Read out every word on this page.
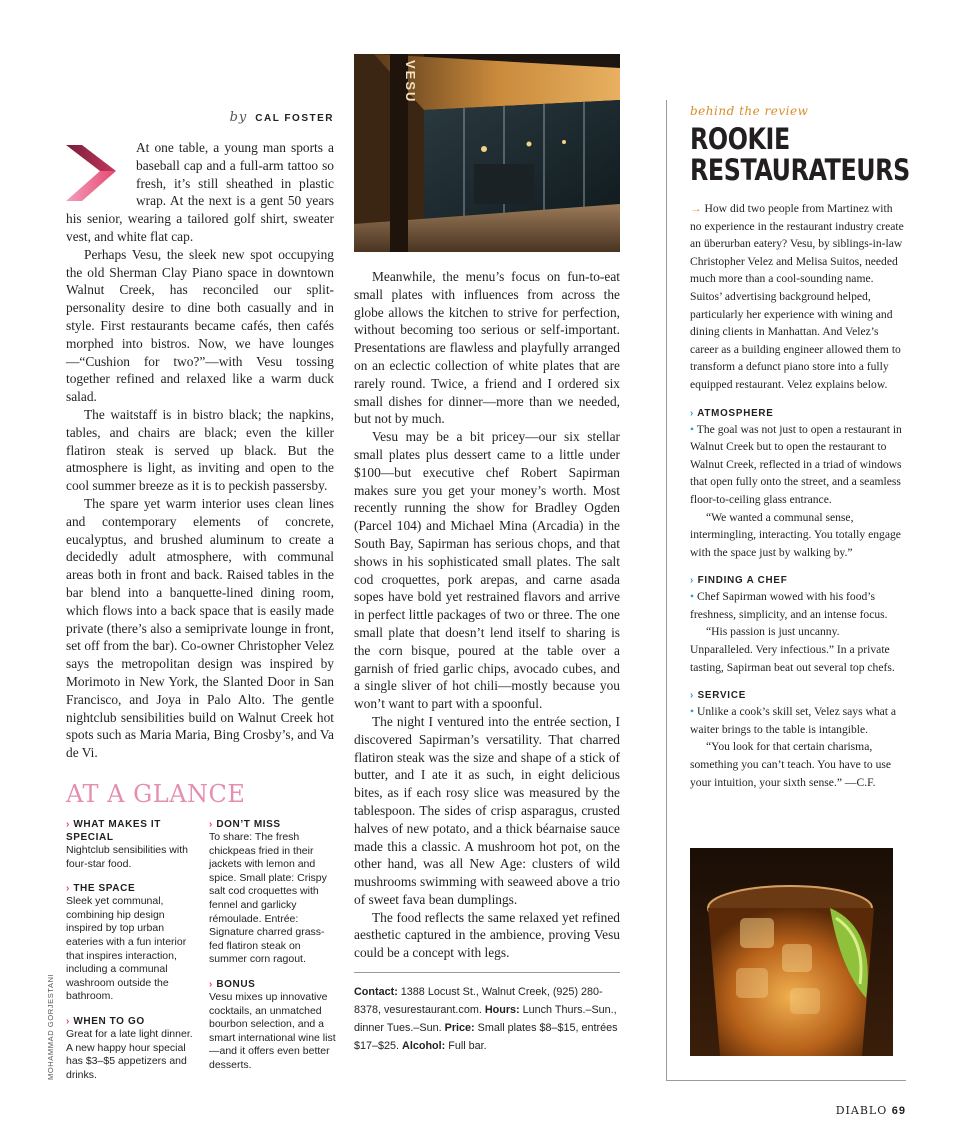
by CAL FOSTER

At one table, a young man sports a baseball cap and a full-arm tattoo so fresh, it’s still sheathed in plastic wrap. At the next is a gent 50 years his senior, wearing a tailored golf shirt, sweater vest, and white flat cap.

Perhaps Vesu, the sleek new spot occupying the old Sherman Clay Piano space in downtown Walnut Creek, has reconciled our split-personality desire to dine both casually and in style. First restaurants became cafés, then cafés morphed into bistros. Now, we have lounges—“Cushion for two?”—with Vesu tossing together refined and relaxed like a warm duck salad.

The waitstaff is in bistro black; the napkins, tables, and chairs are black; even the killer flatiron steak is served up black. But the atmosphere is light, as inviting and open to the cool summer breeze as it is to peckish passersby.

The spare yet warm interior uses clean lines and contemporary elements of concrete, eucalyptus, and brushed aluminum to create a decidedly adult atmosphere, with communal areas both in front and back. Raised tables in the bar blend into a banquette-lined dining room, which flows into a back space that is easily made private (there’s also a semiprivate lounge in front, set off from the bar). Co-owner Christopher Velez says the metropolitan design was inspired by Morimoto in New York, the Slanted Door in San Francisco, and Joya in Palo Alto. The gentle nightclub sensibilities build on Walnut Creek hot spots such as Maria Maria, Bing Crosby’s, and Va de Vi.

AT A GLANCE

› WHAT MAKES IT SPECIAL

Nightclub sensibilities with four-star food.

› THE SPACE

Sleek yet communal, combining hip design inspired by top urban eateries with a fun interior that inspires interaction, including a communal washroom outside the bathroom.

› WHEN TO GO

Great for a late light dinner. A new happy hour special has $3–$5 appetizers and drinks.

› DON’T MISS

To share: The fresh chickpeas fried in their jackets with lemon and spice. Small plate: Crispy salt cod croquettes with fennel and garlicky rémoulade. Entrée: Signature charred grass-fed flatiron steak on summer corn ragout.

› BONUS

Vesu mixes up innovative cocktails, an unmatched bourbon selection, and a smart international wine list—and it offers even better desserts.

VESU

Meanwhile, the menu’s focus on fun-to-eat small plates with influences from across the globe allows the kitchen to strive for perfection, without becoming too serious or self-important. Presentations are flawless and playfully arranged on an eclectic collection of white plates that are rarely round. Twice, a friend and I ordered six small dishes for dinner—more than we needed, but not by much.

Vesu may be a bit pricey—our six stellar small plates plus dessert came to a little under $100—but executive chef Robert Sapirman makes sure you get your money’s worth. Most recently running the show for Bradley Ogden (Parcel 104) and Michael Mina (Arcadia) in the South Bay, Sapirman has serious chops, and that shows in his sophisticated small plates. The salt cod croquettes, pork arepas, and carne asada sopes have bold yet restrained flavors and arrive in perfect little packages of two or three. The one small plate that doesn’t lend itself to sharing is the corn bisque, poured at the table over a garnish of fried garlic chips, avocado cubes, and a single sliver of hot chili—mostly because you won’t want to part with a spoonful.

The night I ventured into the entrée section, I discovered Sapirman’s versatility. That charred flatiron steak was the size and shape of a stick of butter, and I ate it as such, in eight delicious bites, as if each rosy slice was measured by the tablespoon. The sides of crisp asparagus, crusted halves of new potato, and a thick béarnaise sauce made this a classic. A mushroom hot pot, on the other hand, was all New Age: clusters of wild mushrooms swimming with seaweed above a trio of sweet fava bean dumplings.

The food reflects the same relaxed yet refined aesthetic captured in the ambience, proving Vesu could be a concept with legs.

Contact: 1388 Locust St., Walnut Creek, (925) 280-8378, vesurestaurant.com. Hours: Lunch Thurs.–Sun., dinner Tues.–Sun. Price: Small plates $8–$15, entrées $17–$25. Alcohol: Full bar.

behind the review

ROOKIE
RESTAURATEURS

→ How did two people from Martinez with no experience in the restaurant industry create an überurban eatery? Vesu, by siblings-in-law Christopher Velez and Melisa Suitos, needed much more than a cool-sounding name. Suitos’ advertising background helped, particularly her experience with wining and dining clients in Manhattan. And Velez’s career as a building engineer allowed them to transform a defunct piano store into a fully equipped restaurant. Velez explains below.

› ATMOSPHERE

• The goal was not just to open a restaurant in Walnut Creek but to open the restaurant to Walnut Creek, reflected in a triad of windows that open fully onto the street, and a seamless floor-to-ceiling glass entrance.

“We wanted a communal sense, intermingling, interacting. You totally engage with the space just by walking by.”

› FINDING A CHEF

• Chef Sapirman wowed with his food’s freshness, simplicity, and an intense focus.

“His passion is just uncanny. Unparalleled. Very infectious.” In a private tasting, Sapirman beat out several top chefs.

› SERVICE

• Unlike a cook’s skill set, Velez says what a waiter brings to the table is intangible.

“You look for that certain charisma, something you can’t teach. You have to use your intuition, your sixth sense.” —C.F.

MOHAMMAD GORJESTANI
DIABLO 69
